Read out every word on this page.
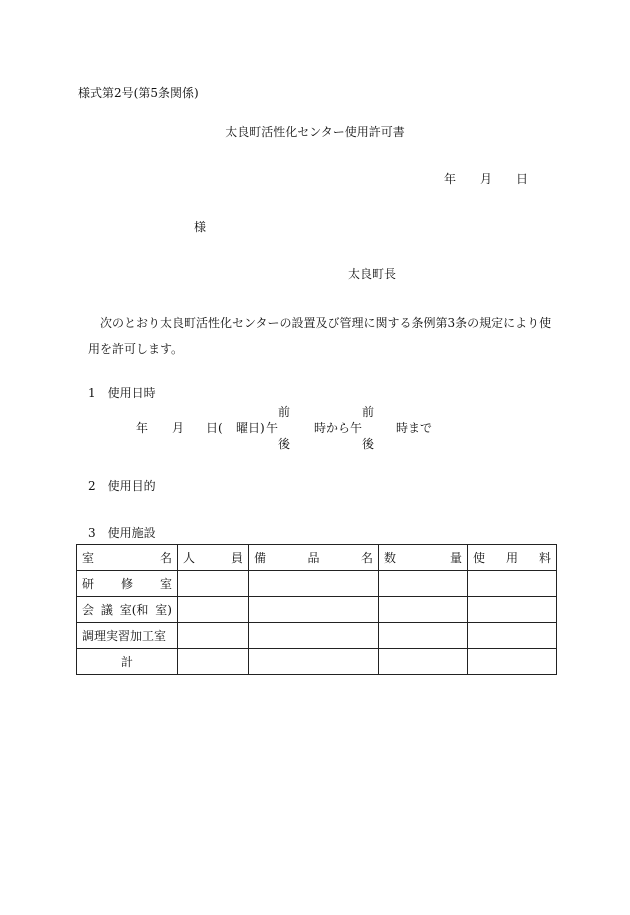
様式第2号(第5条関係)
太良町活性化センター使用許可書
年 月 日
様
太良町長
次のとおり太良町活性化センターの設置及び管理に関する条例第3条の規定により使
用を許可します。
1　使用日時
前	前
年 月 日( 曜日) 午	時から 午	時まで
後	後
2　使用目的
3　使用施設
室 名	人 員	備 品 名	数 量	使 用 料

研 修 室				

会 議 室(和 室)				

調理実習加工室				
計				
